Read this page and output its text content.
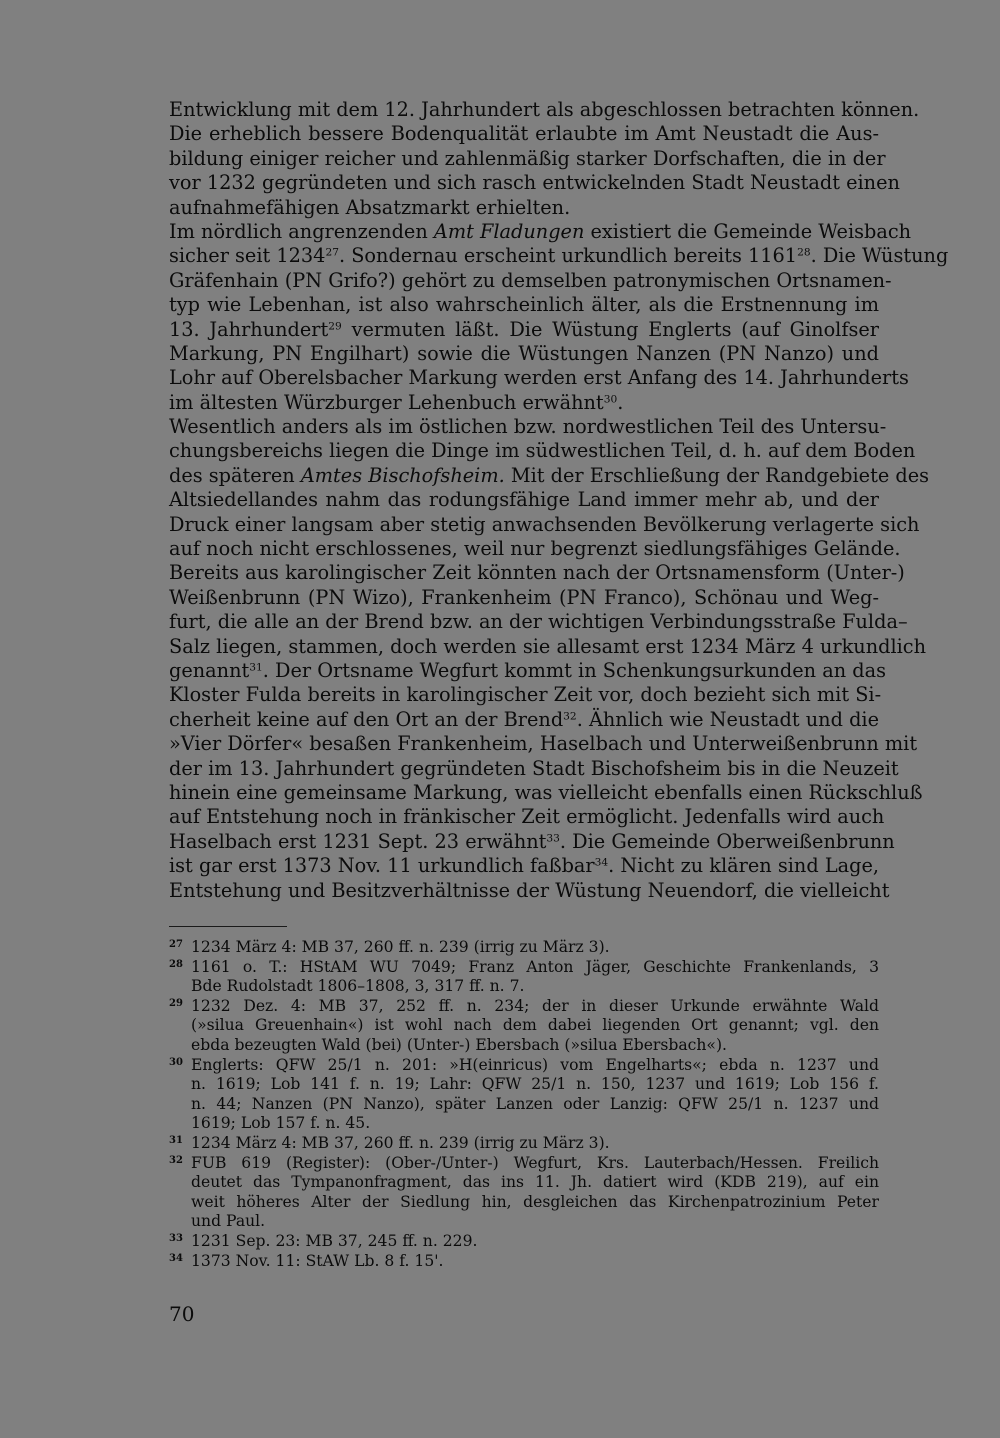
Entwicklung mit dem 12. Jahrhundert als abgeschlossen betrachten können.
Die erheblich bessere Bodenqualität erlaubte im Amt Neustadt die Aus-
bildung einiger reicher und zahlenmäßig starker Dorfschaften, die in der
vor 1232 gegründeten und sich rasch entwickelnden Stadt Neustadt einen
aufnahmefähigen Absatzmarkt erhielten.
Im nördlich angrenzenden Amt Fladungen existiert die Gemeinde Weisbach
sicher seit 1234$^{27}$. Sondernau erscheint urkundlich bereits 1161$^{28}$. Die Wüstung
Gräfenhain (PN Grifo?) gehört zu demselben patronymischen Ortsnamen-
typ wie Lebenhan, ist also wahrscheinlich älter, als die Erstnennung im
13. Jahrhundert$^{29}$ vermuten läßt. Die Wüstung Englerts (auf Ginolfser
Markung, PN Engilhart) sowie die Wüstungen Nanzen (PN Nanzo) und
Lohr auf Oberelsbacher Markung werden erst Anfang des 14. Jahrhunderts
im ältesten Würzburger Lehenbuch erwähnt$^{30}$.
Wesentlich anders als im östlichen bzw. nordwestlichen Teil des Untersu-
chungsbereichs liegen die Dinge im südwestlichen Teil, d. h. auf dem Boden
des späteren Amtes Bischofsheim. Mit der Erschließung der Randgebiete des
Altsiedellandes nahm das rodungsfähige Land immer mehr ab, und der
Druck einer langsam aber stetig anwachsenden Bevölkerung verlagerte sich
auf noch nicht erschlossenes, weil nur begrenzt siedlungsfähiges Gelände.
Bereits aus karolingischer Zeit könnten nach der Ortsnamensform (Unter-)
Weißenbrunn (PN Wizo), Frankenheim (PN Franco), Schönau und Weg-
furt, die alle an der Brend bzw. an der wichtigen Verbindungsstraße Fulda–
Salz liegen, stammen, doch werden sie allesamt erst 1234 März 4 urkundlich
genannt$^{31}$. Der Ortsname Wegfurt kommt in Schenkungsurkunden an das
Kloster Fulda bereits in karolingischer Zeit vor, doch bezieht sich mit Si-
cherheit keine auf den Ort an der Brend$^{32}$. Ähnlich wie Neustadt und die
»Vier Dörfer« besaßen Frankenheim, Haselbach und Unterweißenbrunn mit
der im 13. Jahrhundert gegründeten Stadt Bischofsheim bis in die Neuzeit
hinein eine gemeinsame Markung, was vielleicht ebenfalls einen Rückschluß
auf Entstehung noch in fränkischer Zeit ermöglicht. Jedenfalls wird auch
Haselbach erst 1231 Sept. 23 erwähnt$^{33}$. Die Gemeinde Oberweißenbrunn
ist gar erst 1373 Nov. 11 urkundlich faßbar$^{34}$. Nicht zu klären sind Lage,
Entstehung und Besitzverhältnisse der Wüstung Neuendorf, die vielleicht
27 1234 März 4: MB 37, 260 ff. n. 239 (irrig zu März 3).
28 1161 o. T.: HStAM WU 7049; Franz Anton Jäger, Geschichte Frankenlands, 3
Bde Rudolstadt 1806–1808, 3, 317 ff. n. 7.
29 1232 Dez. 4: MB 37, 252 ff. n. 234; der in dieser Urkunde erwähnte Wald
(»silua Greuenhain«) ist wohl nach dem dabei liegenden Ort genannt; vgl. den
ebda bezeugten Wald (bei) (Unter-) Ebersbach (»silua Ebersbach«).
30 Englerts: QFW 25/1 n. 201: »H(einricus) vom Engelharts«; ebda n. 1237 und
n. 1619; Lob 141 f. n. 19; Lahr: QFW 25/1 n. 150, 1237 und 1619; Lob 156 f.
n. 44; Nanzen (PN Nanzo), später Lanzen oder Lanzig: QFW 25/1 n. 1237 und
1619; Lob 157 f. n. 45.
31 1234 März 4: MB 37, 260 ff. n. 239 (irrig zu März 3).
32 FUB 619 (Register): (Ober-/Unter-) Wegfurt, Krs. Lauterbach/Hessen. Freilich
deutet das Tympanonfragment, das ins 11. Jh. datiert wird (KDB 219), auf ein
weit höheres Alter der Siedlung hin, desgleichen das Kirchenpatrozinium Peter
und Paul.
33 1231 Sep. 23: MB 37, 245 ff. n. 229.
34 1373 Nov. 11: StAW Lb. 8 f. 15'.
70
